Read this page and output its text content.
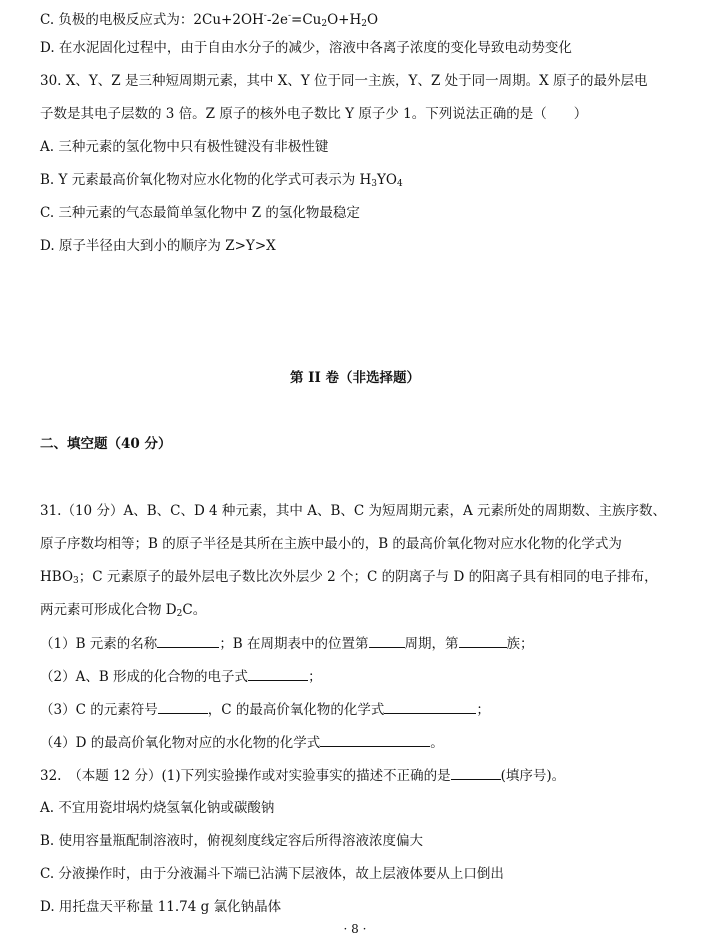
C. 负极的电极反应式为：$2Cu+2OH^--2e^-=Cu_2O+H_2O$
D. 在水泥固化过程中，由于自由水分子的减少，溶液中各离子浓度的变化导致电动势变化
30. X、Y、Z 是三种短周期元素，其中 X、Y 位于同一主族，Y、Z 处于同一周期。X 原子的最外层电
子数是其电子层数的 3 倍。Z 原子的核外电子数比 Y 原子少 1。下列说法正确的是（　　）
A. 三种元素的氢化物中只有极性键没有非极性键
B. Y 元素最高价氧化物对应水化物的化学式可表示为 $H_3YO_4$
C. 三种元素的气态最简单氢化物中 Z 的氢化物最稳定
D. 原子半径由大到小的顺序为 Z>Y>X
第 II 卷（非选择题）
二、填空题（40 分）
31.（10 分）A、B、C、D 4 种元素，其中 A、B、C 为短周期元素，A 元素所处的周期数、主族序数、
原子序数均相等；B 的原子半径是其所在主族中最小的，B 的最高价氧化物对应水化物的化学式为
$HBO_3$；C 元素原子的最外层电子数比次外层少 2 个；C 的阴离子与 D 的阳离子具有相同的电子排布，
两元素可形成化合物 $D_2C$。
（1）B 元素的名称	；B 在周期表中的位置第	周期，第	族；
（2）A、B 形成的化合物的电子式	；
（3）C 的元素符号	，C 的最高价氧化物的化学式	；
（4）D 的最高价氧化物对应的水化物的化学式	。
32.　（本题 12 分）(1)下列实验操作或对实验事实的描述不正确的是	(填序号)。
A. 不宜用瓷坩埚灼烧氢氧化钠或碳酸钠
B. 使用容量瓶配制溶液时，俯视刻度线定容后所得溶液浓度偏大
C. 分液操作时，由于分液漏斗下端已沾满下层液体，故上层液体要从上口倒出
D. 用托盘天平称量 11.74 g 氯化钠晶体
· 8 ·
